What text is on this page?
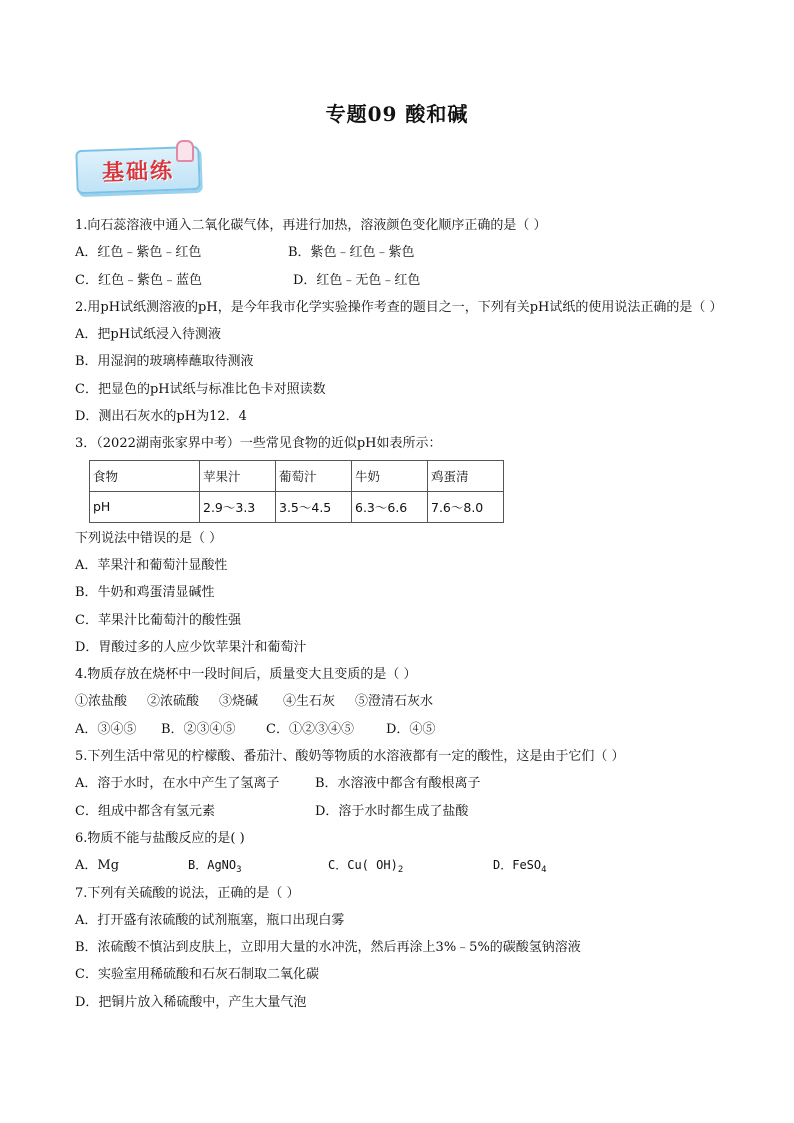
专题09 酸和碱
基础练
1.向石蕊溶液中通入二氧化碳气体，再进行加热，溶液颜色变化顺序正确的是（ ）
A．红色﹣紫色﹣红色	B．紫色﹣红色﹣紫色
C．红色﹣紫色﹣蓝色	D．红色﹣无色﹣红色
2.用pH试纸测溶液的pH，是今年我市化学实验操作考查的题目之一，下列有关pH试纸的使用说法正确的是（ ）
A．把pH试纸浸入待测液
B．用湿润的玻璃棒蘸取待测液
C．把显色的pH试纸与标准比色卡对照读数
D．测出石灰水的pH为12．4
3．（2022湖南张家界中考）一些常见食物的近似pH如表所示：
食物	苹果汁	葡萄汁	牛奶	鸡蛋清
pH	2.9～3.3	3.5～4.5	6.3～6.6	7.6～8.0
下列说法中错误的是（ ）
A．苹果汁和葡萄汁显酸性
B．牛奶和鸡蛋清显碱性
C．苹果汁比葡萄汁的酸性强
D．胃酸过多的人应少饮苹果汁和葡萄汁
4.物质存放在烧杯中一段时间后，质量变大且变质的是（ ）
①浓盐酸	②浓硫酸	③烧碱	④生石灰	⑤澄清石灰水
A．③④⑤	B．②③④⑤	C．①②③④⑤	D．④⑤
5.下列生活中常见的柠檬酸、番茄汁、酸奶等物质的水溶液都有一定的酸性，这是由于它们（ ）
A．溶于水时，在水中产生了氢离子	B．水溶液中都含有酸根离子
C．组成中都含有氢元素	D．溶于水时都生成了盐酸
6.物质不能与盐酸反应的是( )
A．Mg	B．AgNO$_3$	C．Cu( $OH)_2$	D．FeSO$_4$
7.下列有关硫酸的说法，正确的是（ ）
A．打开盛有浓硫酸的试剂瓶塞，瓶口出现白雾
B．浓硫酸不慎沾到皮肤上，立即用大量的水冲洗，然后再涂上3%﹣5%的碳酸氢钠溶液
C．实验室用稀硫酸和石灰石制取二氧化碳
D．把铜片放入稀硫酸中，产生大量气泡
